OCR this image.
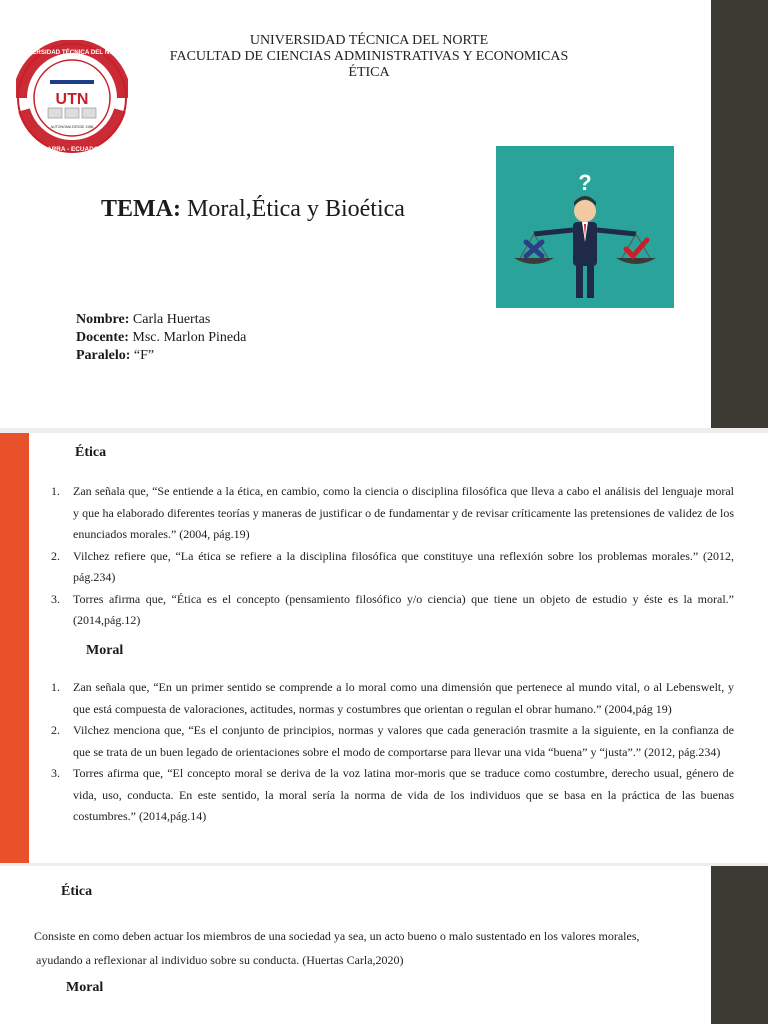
UNIVERSIDAD TÉCNICA DEL NORTE
FACULTAD DE CIENCIAS ADMINISTRATIVAS Y ECONOMICAS
ÉTICA
UNIVERSIDAD TÉCNICA DEL NORTE
IBARRA - ECUADOR
UTN
AUTONOMA DESDE 1986
TEMA: Moral,Ética y Bioética
?
Nombre: Carla Huertas
Docente: Msc. Marlon Pineda
Paralelo: “F”
Ética
1. Zan señala que, “Se entiende a la ética, en cambio, como la ciencia o disciplina filosófica que lleva a cabo el análisis del lenguaje moral y que ha elaborado diferentes teorías y maneras de justificar o de fundamentar y de revisar críticamente las pretensiones de validez de los enunciados morales.” (2004, pág.19)
2. Vilchez refiere que, “La ética se refiere a la disciplina filosófica que constituye una reflexión sobre los problemas morales.” (2012, pág.234)
3. Torres afirma que, “Ética es el concepto (pensamiento filosófico y/o ciencia) que tiene un objeto de estudio y éste es la moral.” (2014,pág.12)
Moral
1. Zan señala que, “En un primer sentido se comprende a lo moral como una dimensión que pertenece al mundo vital, o al Lebenswelt, y que está compuesta de valoraciones, actitudes, normas y costumbres que orientan o regulan el obrar humano.” (2004,pág 19)
2. Vilchez menciona que, “Es el conjunto de principios, normas y valores que cada generación trasmite a la siguiente, en la confianza de que se trata de un buen legado de orientaciones sobre el modo de comportarse para llevar una vida “buena” y “justa”.” (2012, pág.234)
3. Torres afirma que, “El concepto moral se deriva de la voz latina mor-moris que se traduce como costumbre, derecho usual, género de vida, uso, conducta. En este sentido, la moral sería la norma de vida de los individuos que se basa en la práctica de las buenas costumbres.” (2014,pág.14)
Ética
Consiste en como deben actuar los miembros de una sociedad ya sea, un acto bueno o malo sustentado en los valores morales,
ayudando a reflexionar al individuo sobre su conducta. (Huertas Carla,2020)
Moral
